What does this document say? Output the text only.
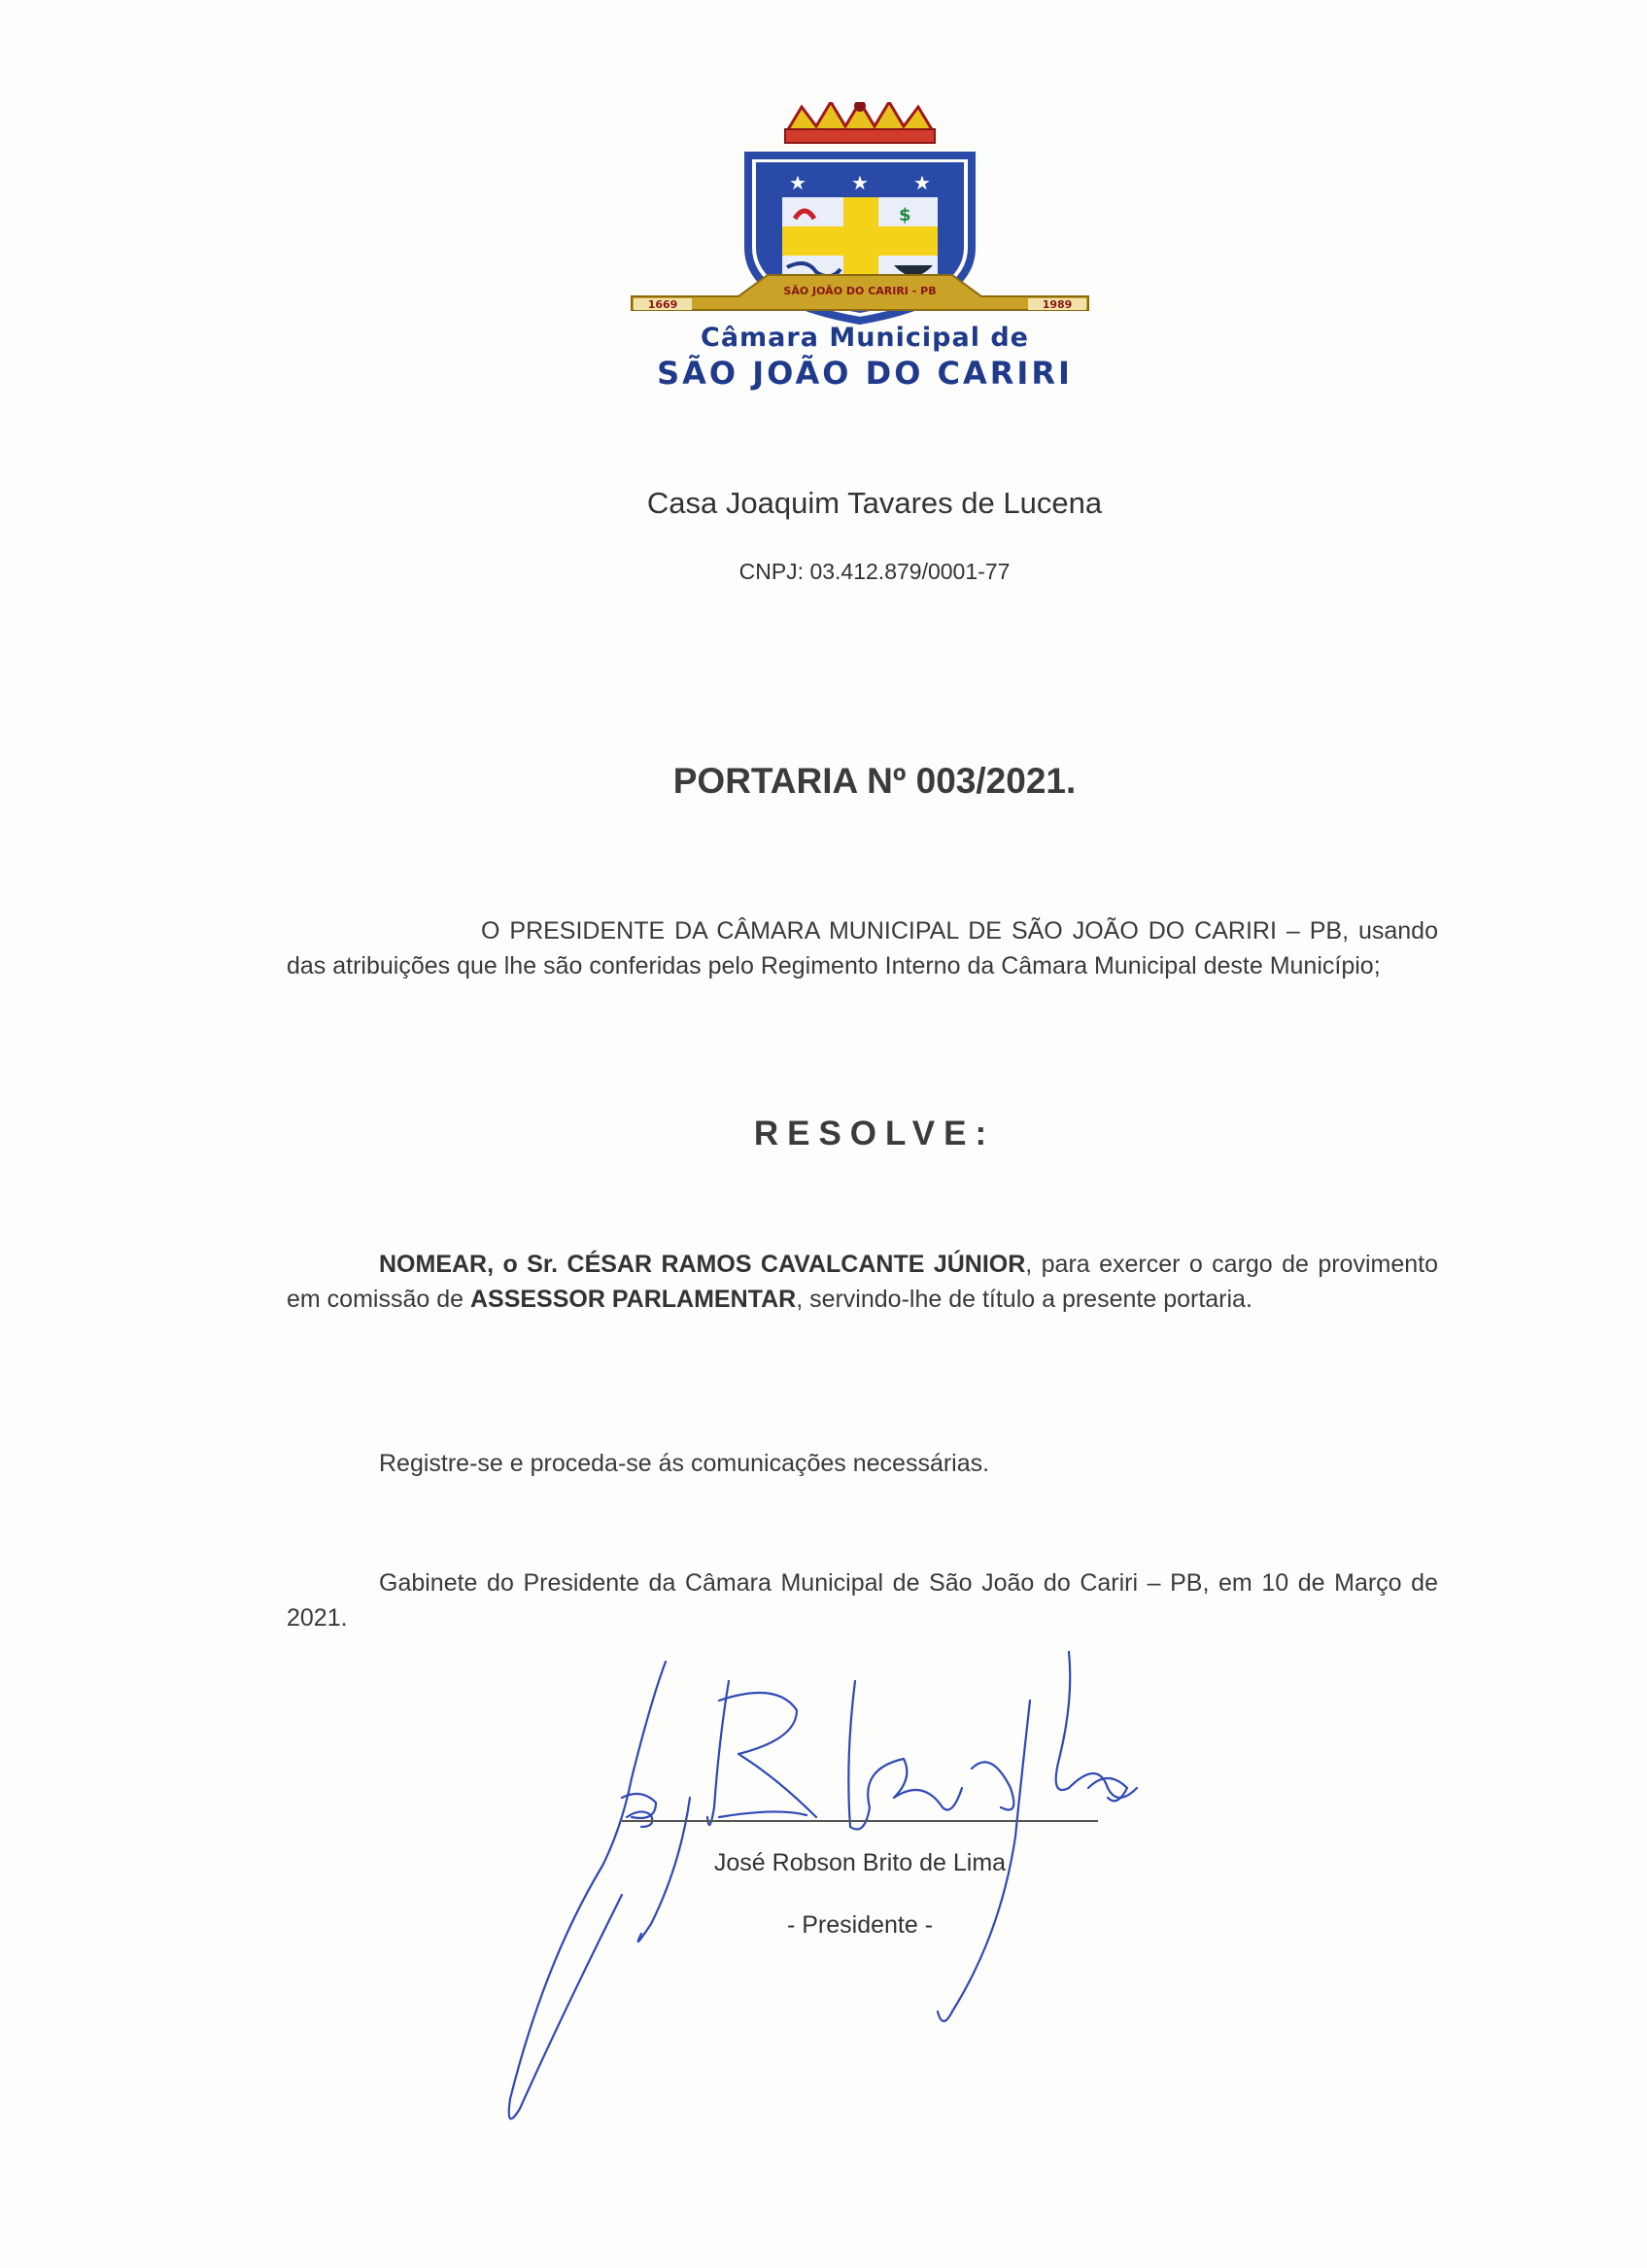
★ ★ ★
$
1669	1989
SÃO JOÃO DO CARIRI - PB
Câmara Municipal de
SÃO JOÃO DO CARIRI
Casa Joaquim Tavares de Lucena
CNPJ: 03.412.879/0001-77
PORTARIA Nº 003/2021.
O PRESIDENTE DA CÂMARA MUNICIPAL DE SÃO JOÃO DO CARIRI – PB, usando das atribuições que lhe são conferidas pelo Regimento Interno da Câmara Municipal deste Município;
RESOLVE:
NOMEAR, o Sr. CÉSAR RAMOS CAVALCANTE JÚNIOR, para exercer o cargo de provimento em comissão de ASSESSOR PARLAMENTAR, servindo-lhe de título a presente portaria.
Registre-se e proceda-se ás comunicações necessárias.
Gabinete do Presidente da Câmara Municipal de São João do Cariri – PB, em 10 de Março de 2021.
José Robson Brito de Lima
- Presidente -
